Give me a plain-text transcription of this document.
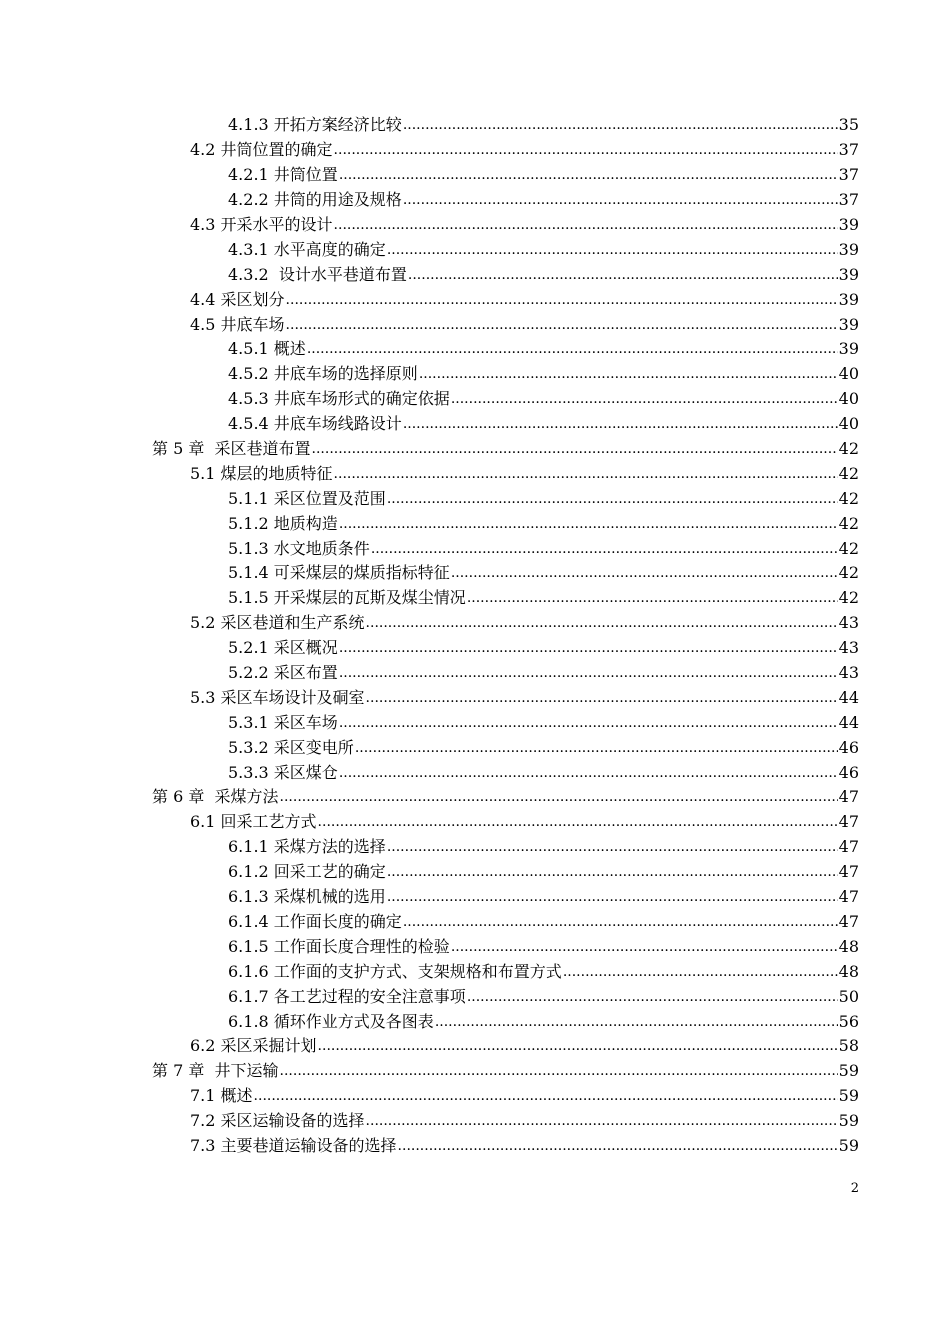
4.1.3 开拓方案经济比较 .....	35
4.2 井筒位置的确定 .....	37
4.2.1 井筒位置 .....	37
4.2.2 井筒的用途及规格 .....	37
4.3 开采水平的设计 .....	39
4.3.1 水平高度的确定 .....	39
4.3.2  设计水平巷道布置 .....	39
4.4 采区划分 .....	39
4.5 井底车场 .....	39
4.5.1 概述 .....	39
4.5.2 井底车场的选择原则 .....	40
4.5.3 井底车场形式的确定依据 .....	40
4.5.4 井底车场线路设计 .....	40
第 5 章  采区巷道布置 .....	42
5.1 煤层的地质特征 .....	42
5.1.1 采区位置及范围 .....	42
5.1.2 地质构造 .....	42
5.1.3 水文地质条件 .....	42
5.1.4 可采煤层的煤质指标特征 .....	42
5.1.5 开采煤层的瓦斯及煤尘情况 .....	42
5.2 采区巷道和生产系统 .....	43
5.2.1 采区概况 .....	43
5.2.2 采区布置 .....	43
5.3 采区车场设计及硐室 .....	44
5.3.1 采区车场 .....	44
5.3.2 采区变电所 .....	46
5.3.3 采区煤仓 .....	46
第 6 章  采煤方法 .....	47
6.1 回采工艺方式 .....	47
6.1.1 采煤方法的选择 .....	47
6.1.2 回采工艺的确定 .....	47
6.1.3 采煤机械的选用 .....	47
6.1.4 工作面长度的确定 .....	47
6.1.5 工作面长度合理性的检验 .....	48
6.1.6 工作面的支护方式、支架规格和布置方式 .....	48
6.1.7 各工艺过程的安全注意事项 .....	50
6.1.8 循环作业方式及各图表 .....	56
6.2 采区采掘计划 .....	58
第 7 章  井下运输 .....	59
7.1 概述 .....	59
7.2 采区运输设备的选择 .....	59
7.3 主要巷道运输设备的选择 .....	59
2
